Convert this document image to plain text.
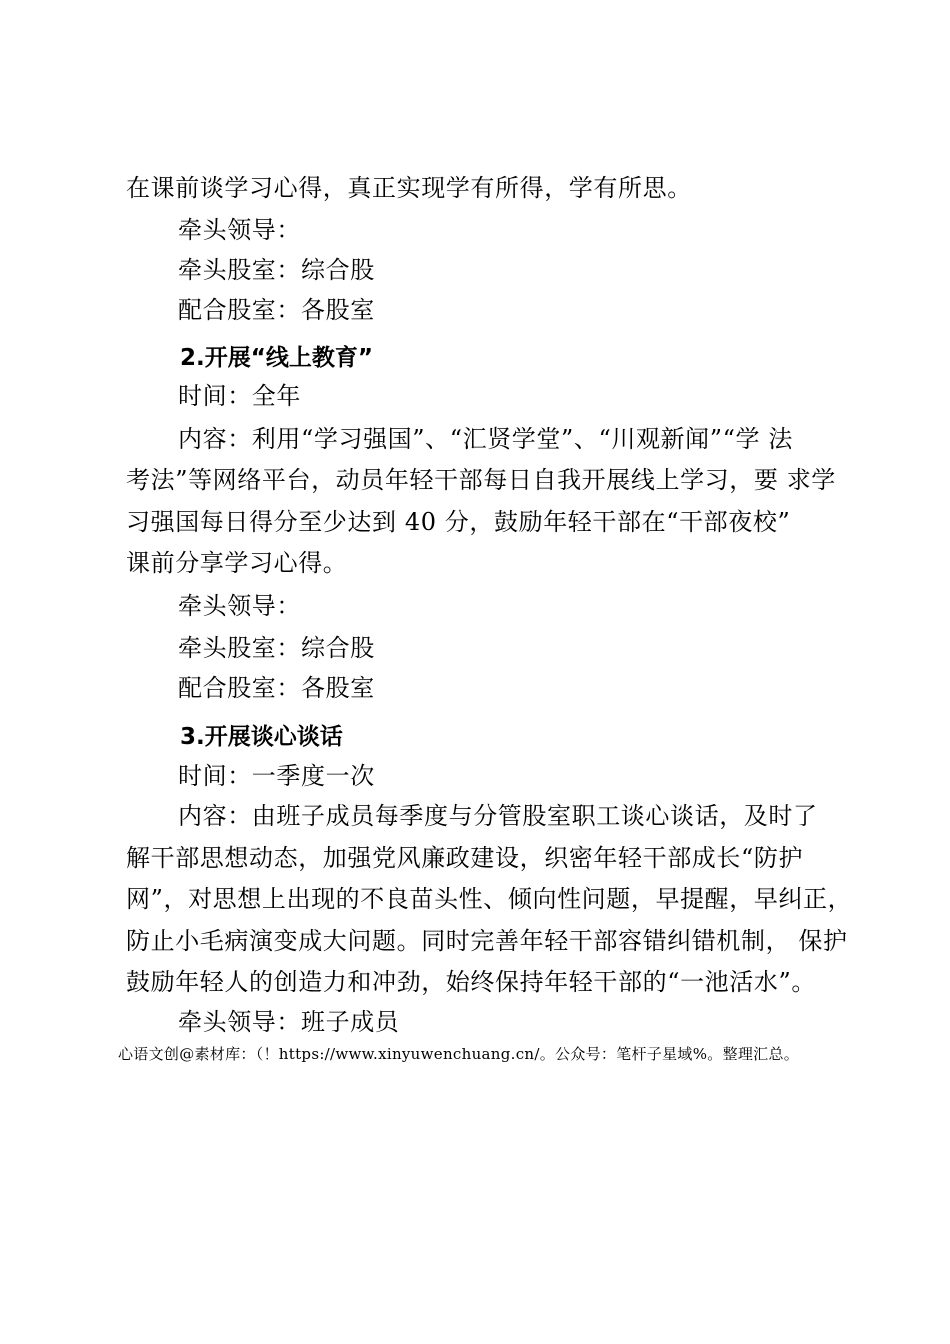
在课前谈学习心得，真正实现学有所得，学有所思。
牵头领导：
牵头股室：综合股
配合股室：各股室
2.开展“线上教育”
时间：全年
内容：利用“学习强国”、“汇贤学堂”、“川观新闻”“学 法
考法”等网络平台，动员年轻干部每日自我开展线上学习，要 求学
习强国每日得分至少达到 40 分，鼓励年轻干部在“干部夜校”
课前分享学习心得。
牵头领导：
牵头股室：综合股
配合股室：各股室
3.开展谈心谈话
时间：一季度一次
内容：由班子成员每季度与分管股室职工谈心谈话，及时了
解干部思想动态，加强党风廉政建设，织密年轻干部成长“防护
网”，对思想上出现的不良苗头性、倾向性问题，早提醒，早纠正，
防止小毛病演变成大问题。同时完善年轻干部容错纠错机制， 保护
鼓励年轻人的创造力和冲劲，始终保持年轻干部的“一池活水”。
牵头领导：班子成员
心语文创@素材库：（！https://www.xinyuwenchuang.cn/。公众号：笔杆子星域%。整理汇总。
